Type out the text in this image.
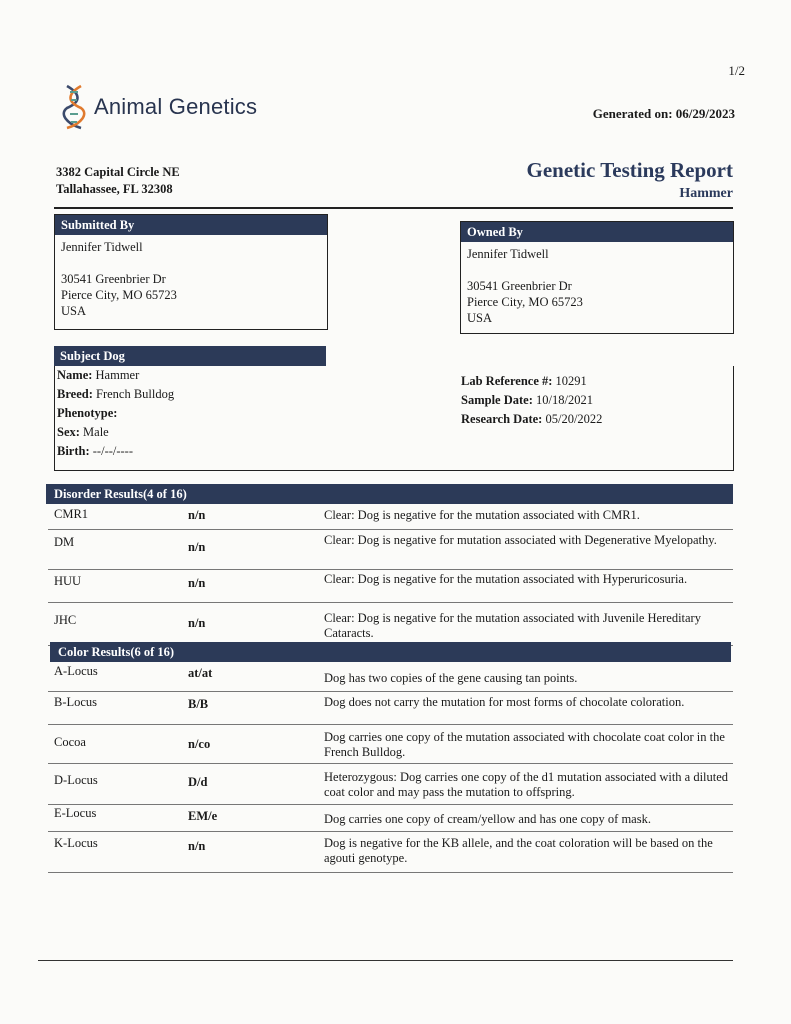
1/2
Animal Genetics	Generated on: 06/29/2023
3382 Capital Circle NE
Tallahassee, FL 32308
Genetic Testing Report
Hammer
Submitted By
Jennifer Tidwell
30541 Greenbrier Dr
Pierce City, MO 65723
USA
Owned By
Jennifer Tidwell
30541 Greenbrier Dr
Pierce City, MO 65723
USA
Subject Dog
Name: Hammer
Breed: French Bulldog
Phenotype:
Sex: Male
Birth: --/--/----
Lab Reference #: 10291
Sample Date: 10/18/2021
Research Date: 05/20/2022
Disorder Results(4 of 16)
CMR1	n/n	Clear: Dog is negative for the mutation associated with CMR1.
DM	n/n	Clear: Dog is negative for mutation associated with Degenerative Myelopathy.
HUU	n/n	Clear: Dog is negative for the mutation associated with Hyperuricosuria.
JHC	n/n	Clear: Dog is negative for the mutation associated with Juvenile Hereditary Cataracts.
Color Results(6 of 16)
A-Locus	at/at	Dog has two copies of the gene causing tan points.
B-Locus	B/B	Dog does not carry the mutation for most forms of chocolate coloration.
Cocoa	n/co	Dog carries one copy of the mutation associated with chocolate coat color in the French Bulldog.
D-Locus	D/d	Heterozygous: Dog carries one copy of the d1 mutation associated with a diluted coat color and may pass the mutation to offspring.
E-Locus	EM/e	Dog carries one copy of cream/yellow and has one copy of mask.
K-Locus	n/n	Dog is negative for the KB allele, and the coat coloration will be based on the agouti genotype.
